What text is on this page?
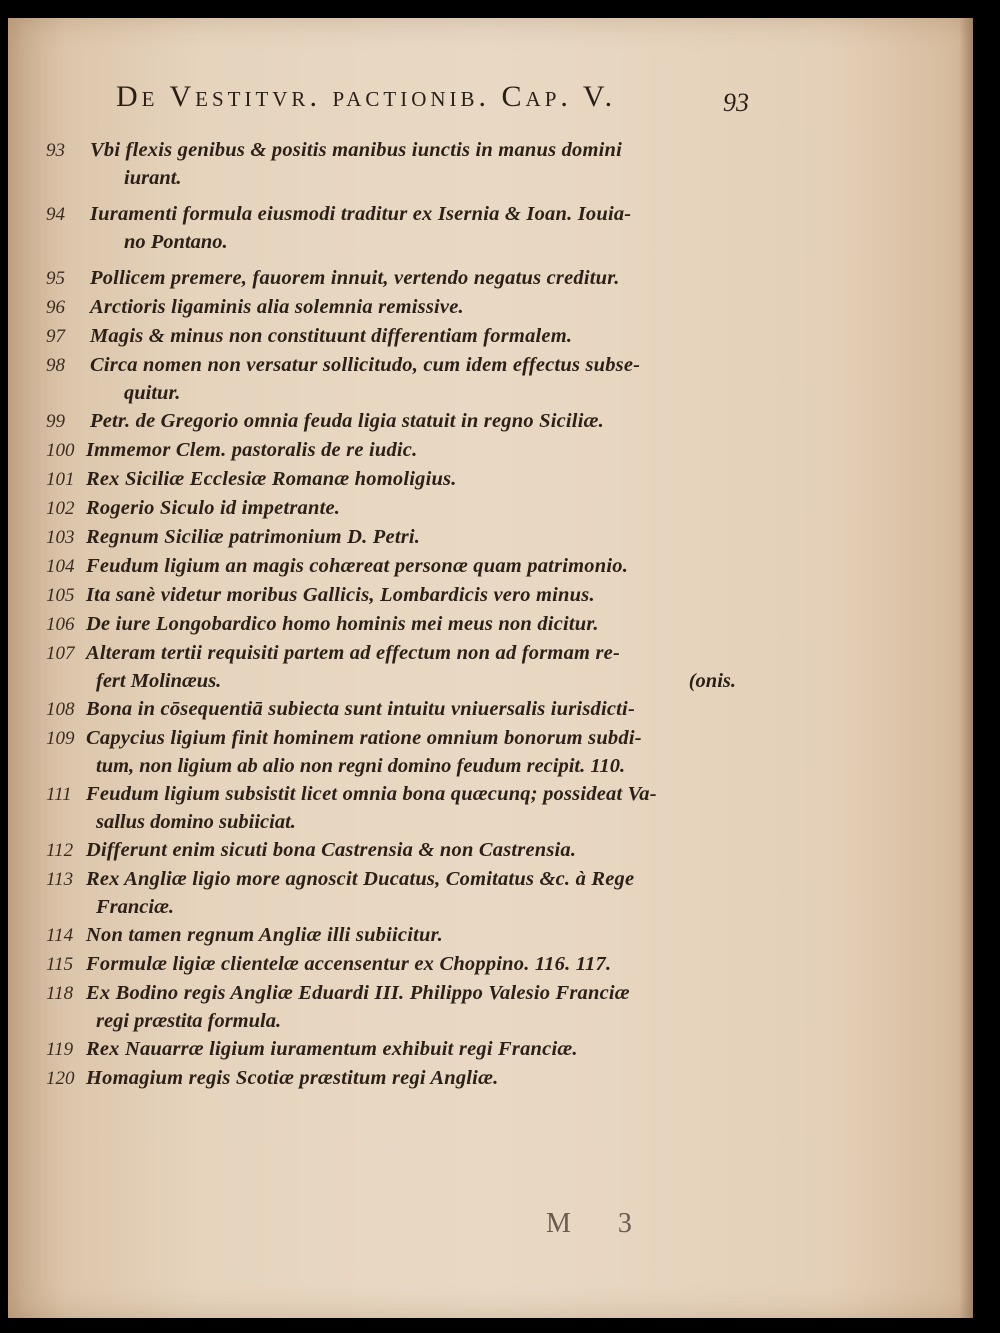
De Vestitvr. pactionib. Cap. V.	93
93	Vbi flexis genibus & positis manibus iunctis in manus domini
iurant.
94	Iuramenti formula eiusmodi traditur ex Isernia & Ioan. Iouia-
no Pontano.
95	Pollicem premere, fauorem innuit, vertendo negatus creditur.
96	Arctioris ligaminis alia solemnia remissive.
97	Magis & minus non constituunt differentiam formalem.
98	Circa nomen non versatur sollicitudo, cum idem effectus subse-
quitur.
99	Petr. de Gregorio omnia feuda ligia statuit in regno Siciliæ.
100 Immemor Clem. pastoralis de re iudic.
101 Rex Siciliæ Ecclesiæ Romanæ homoligius.
102 Rogerio Siculo id impetrante.
103 Regnum Siciliæ patrimonium D. Petri.
104 Feudum ligium an magis cohæreat personæ quam patrimonio.
105 Ita sanè videtur moribus Gallicis, Lombardicis vero minus.
106 De iure Longobardico homo hominis mei meus non dicitur.
107 Alteram tertii requisiti partem ad effectum non ad formam re-
fert Molinæus.	(onis.
108 Bona in cōsequentiā subiecta sunt intuitu vniuersalis iurisdicti-
109 Capycius ligium finit hominem ratione omnium bonorum subdi-
tum, non ligium ab alio non regni domino feudum recipit. 110.
111 Feudum ligium subsistit licet omnia bona quæcunq; possideat Va-
sallus domino subiiciat.
112 Differunt enim sicuti bona Castrensia & non Castrensia.
113 Rex Angliæ ligio more agnoscit Ducatus, Comitatus &c. à Rege
Franciæ.
114 Non tamen regnum Angliæ illi subiicitur.
115 Formulæ ligiæ clientelæ accensentur ex Choppino. 116. 117.
118 Ex Bodino regis Angliæ Eduardi III. Philippo Valesio Franciæ
regi præstita formula.
119 Rex Nauarræ ligium iuramentum exhibuit regi Franciæ.
120 Homagium regis Scotiæ præstitum regi Angliæ.
M 3
